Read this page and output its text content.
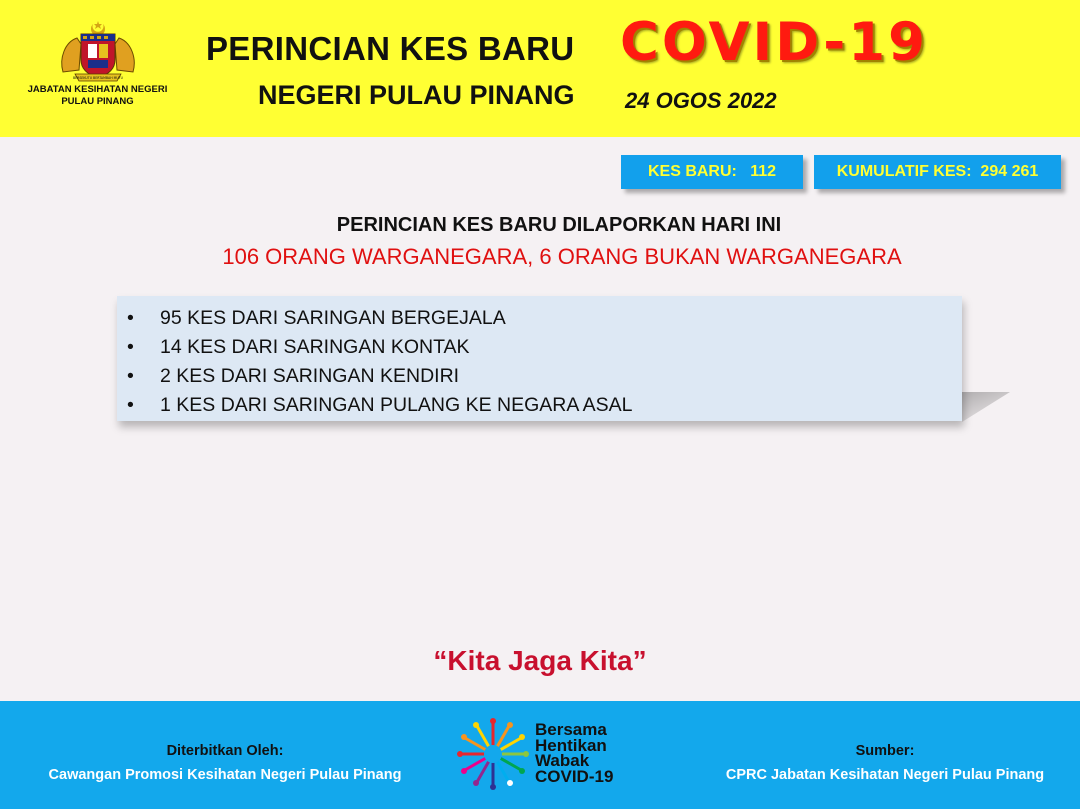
BERSEKUTU BERTAMBAH MUTU
JABATAN KESIHATAN NEGERI PULAU PINANG
PERINCIAN KES BARU
NEGERI PULAU PINANG
COVID-19
24 OGOS 2022
KES BARU: 112	KUMULATIF KES: 294 261
PERINCIAN KES BARU DILAPORKAN HARI INI
106 ORANG WARGANEGARA, 6 ORANG BUKAN WARGANEGARA
• 95 KES DARI SARINGAN BERGEJALA
• 14 KES DARI SARINGAN KONTAK
• 2 KES DARI SARINGAN KENDIRI
• 1 KES DARI SARINGAN PULANG KE NEGARA ASAL
“Kita Jaga Kita”
Diterbitkan Oleh:
Cawangan Promosi Kesihatan Negeri Pulau Pinang
Bersama
Hentikan
Wabak
COVID-19
Sumber:
CPRC Jabatan Kesihatan Negeri Pulau Pinang
